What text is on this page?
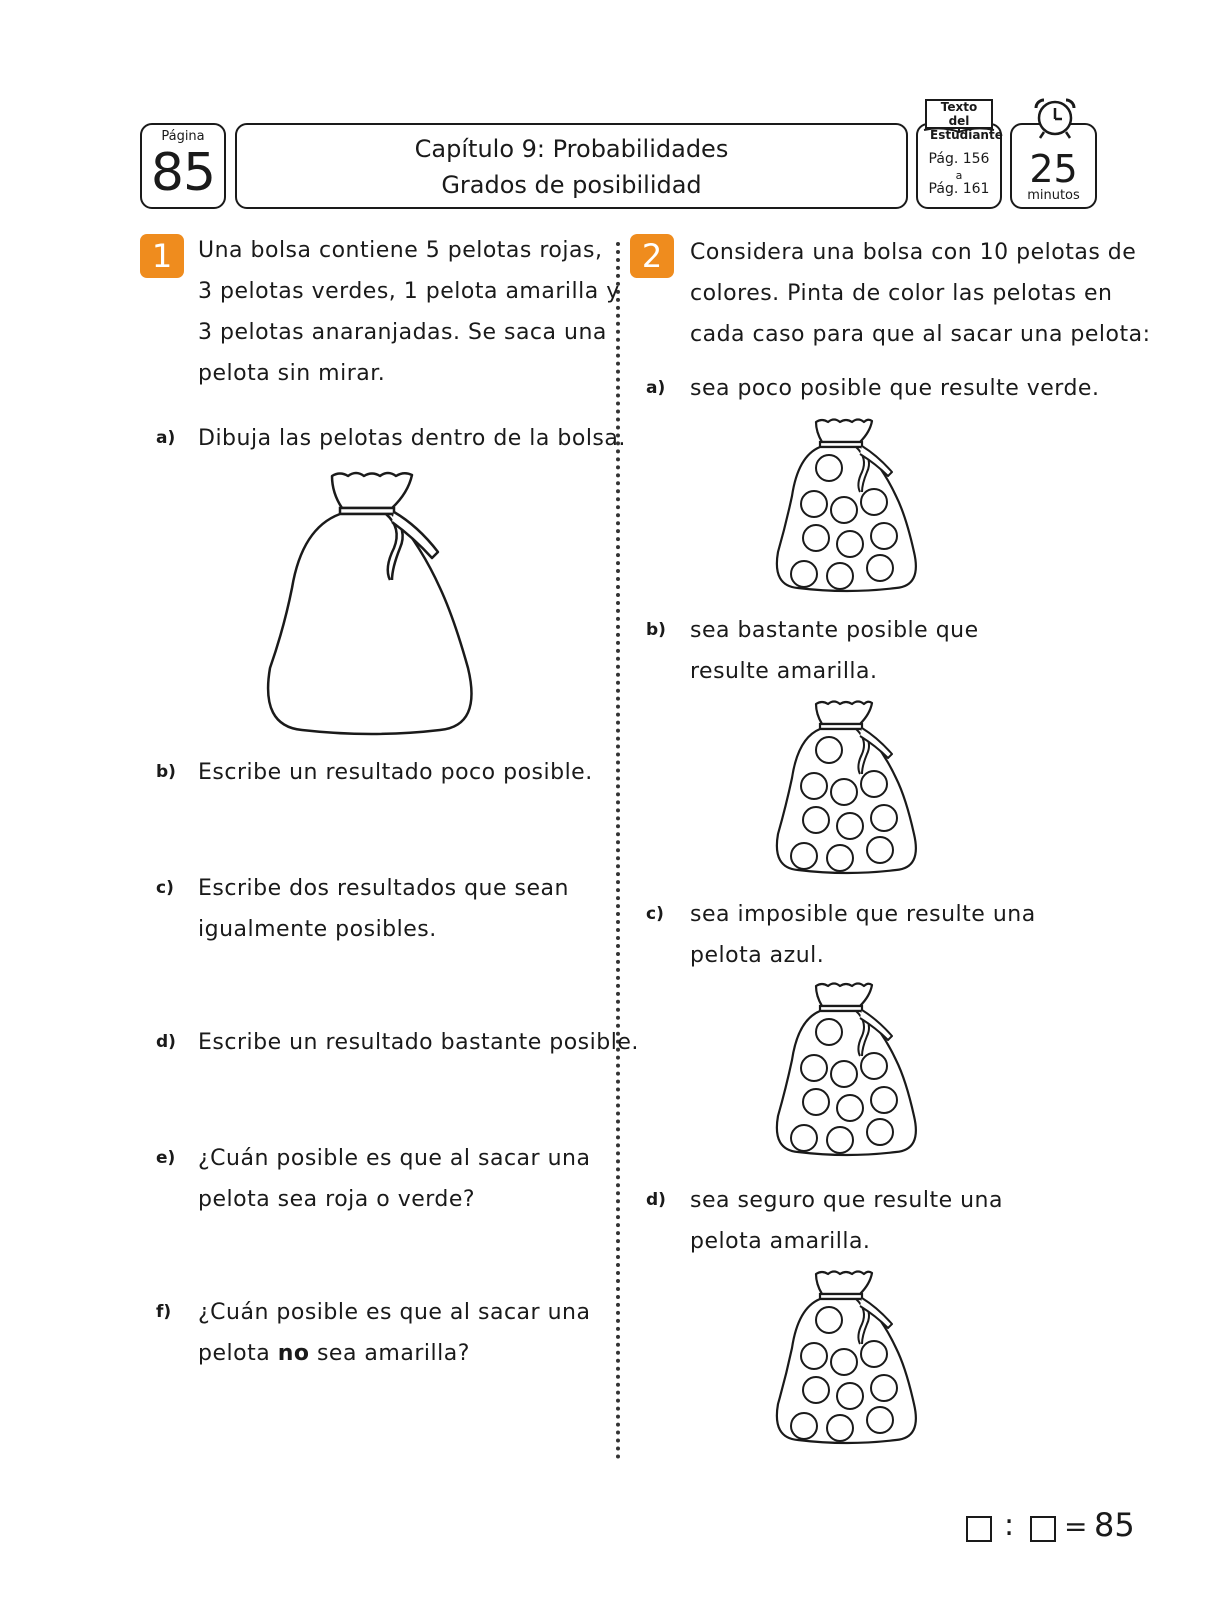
Página
85	Capítulo 9: Probabilidades
Grados de posibilidad
Pág. 156
a
Pág. 161
Texto del
Estudiante
25
minutos
1	Una bolsa contiene 5 pelotas rojas,
3 pelotas verdes, 1 pelota amarilla y
3 pelotas anaranjadas. Se saca una
pelota sin mirar.
a) Dibuja las pelotas dentro de la bolsa.
b) Escribe un resultado poco posible.
c) Escribe dos resultados que sean
igualmente posibles.
d) Escribe un resultado bastante posible.
e) ¿Cuán posible es que al sacar una
pelota sea roja o verde?
f) ¿Cuán posible es que al sacar una
pelota no sea amarilla?
2	Considera una bolsa con 10 pelotas de
colores. Pinta de color las pelotas en
cada caso para que al sacar una pelota:
a) sea poco posible que resulte verde.
b) sea bastante posible que
resulte amarilla.
c) sea imposible que resulte una
pelota azul.
d) sea seguro que resulte una
pelota amarilla.
: = 85
